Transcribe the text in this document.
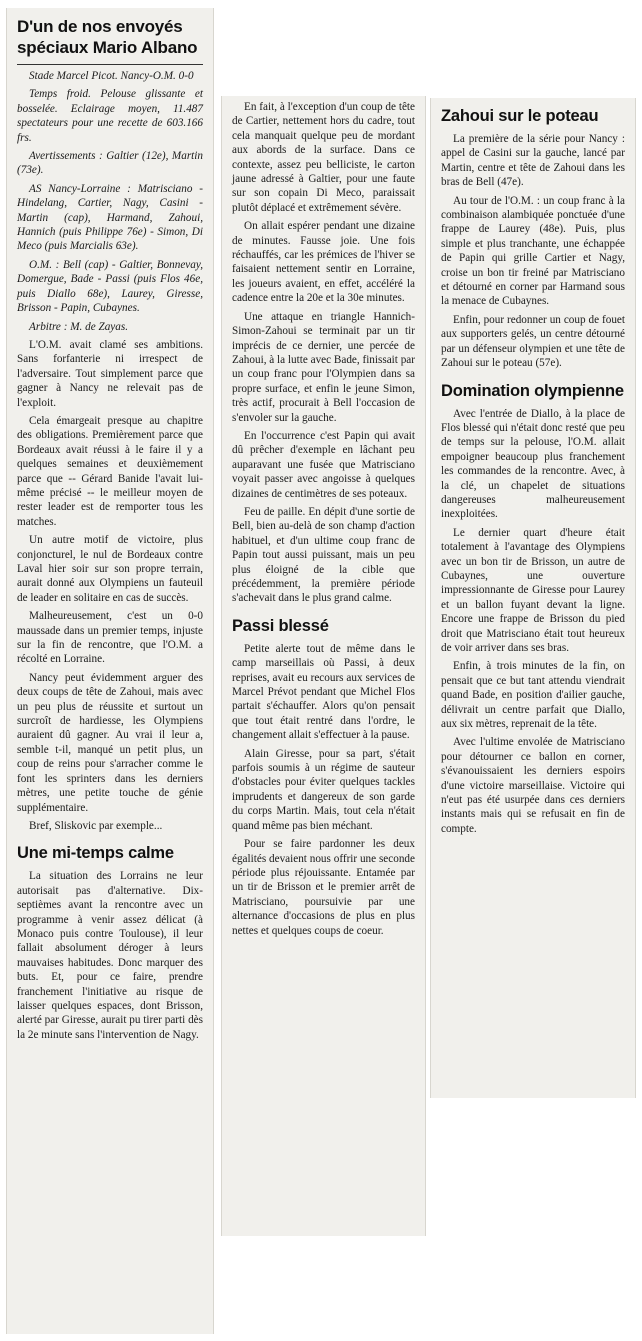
D'un de nos envoyés spéciaux Mario Albano

Stade Marcel Picot. Nancy-O.M. 0-0

Temps froid. Pelouse glissante et bosselée. Eclairage moyen, 11.487 spectateurs pour une recette de 603.166 frs.

Avertissements : Galtier (12e), Martin (73e).

AS Nancy-Lorraine : Matrisciano - Hindelang, Cartier, Nagy, Casini - Martin (cap), Harmand, Zahoui, Hannich (puis Philippe 76e) - Simon, Di Meco (puis Marcialis 63e).

O.M. : Bell (cap) - Galtier, Bonnevay, Domergue, Bade - Passi (puis Flos 46e, puis Diallo 68e), Laurey, Giresse, Brisson - Papin, Cubaynes.

Arbitre : M. de Zayas.

L'O.M. avait clamé ses ambitions. Sans forfanterie ni irrespect de l'adversaire. Tout simplement parce que gagner à Nancy ne relevait pas de l'exploit.

Cela émargeait presque au chapitre des obligations. Premièrement parce que Bordeaux avait réussi à le faire il y a quelques semaines et deuxièmement parce que -- Gérard Banide l'avait lui-même précisé -- le meilleur moyen de rester leader est de remporter tous les matches.

Un autre motif de victoire, plus conjoncturel, le nul de Bordeaux contre Laval hier soir sur son propre terrain, aurait donné aux Olympiens un fauteuil de leader en solitaire en cas de succès.

Malheureusement, c'est un 0-0 maussade dans un premier temps, injuste sur la fin de rencontre, que l'O.M. a récolté en Lorraine.

Nancy peut évidemment arguer des deux coups de tête de Zahoui, mais avec un peu plus de réussite et surtout un surcroît de hardiesse, les Olympiens auraient dû gagner. Au vrai il leur a, semble t-il, manqué un petit plus, un coup de reins pour s'arracher comme le font les sprinters dans les derniers mètres, une petite touche de génie supplémentaire.

Bref, Sliskovic par exemple...

Une mi-temps calme

La situation des Lorrains ne leur autorisait pas d'alternative. Dix-septièmes avant la rencontre avec un programme à venir assez délicat (à Monaco puis contre Toulouse), il leur fallait absolument déroger à leurs mauvaises habitudes. Donc marquer des buts. Et, pour ce faire, prendre franchement l'initiative au risque de laisser quelques espaces, dont Brisson, alerté par Giresse, aurait pu tirer parti dès la 2e minute sans l'intervention de Nagy.

En fait, à l'exception d'un coup de tête de Cartier, nettement hors du cadre, tout cela manquait quelque peu de mordant aux abords de la surface. Dans ce contexte, assez peu belliciste, le carton jaune adressé à Galtier, pour une faute sur son copain Di Meco, paraissait plutôt déplacé et extrêmement sévère.

On allait espérer pendant une dizaine de minutes. Fausse joie. Une fois réchauffés, car les prémices de l'hiver se faisaient nettement sentir en Lorraine, les joueurs avaient, en effet, accéléré la cadence entre la 20e et la 30e minutes.

Une attaque en triangle Hannich-Simon-Zahoui se terminait par un tir imprécis de ce dernier, une percée de Zahoui, à la lutte avec Bade, finissait par un coup franc pour l'Olympien dans sa propre surface, et enfin le jeune Simon, très actif, procurait à Bell l'occasion de s'envoler sur la gauche.

En l'occurrence c'est Papin qui avait dû prêcher d'exemple en lâchant peu auparavant une fusée que Matrisciano voyait passer avec angoisse à quelques dizaines de centimètres de ses poteaux.

Feu de paille. En dépit d'une sortie de Bell, bien au-delà de son champ d'action habituel, et d'un ultime coup franc de Papin tout aussi puissant, mais un peu plus éloigné de la cible que précédemment, la première période s'achevait dans le plus grand calme.

Passi blessé

Petite alerte tout de même dans le camp marseillais où Passi, à deux reprises, avait eu recours aux services de Marcel Prévot pendant que Michel Flos partait s'échauffer. Alors qu'on pensait que tout était rentré dans l'ordre, le changement allait s'effectuer à la pause.

Alain Giresse, pour sa part, s'était parfois soumis à un régime de sauteur d'obstacles pour éviter quelques tackles imprudents et dangereux de son garde du corps Martin. Mais, tout cela n'était quand même pas bien méchant.

Pour se faire pardonner les deux égalités devaient nous offrir une seconde période plus réjouissante. Entamée par un tir de Brisson et le premier arrêt de Matrisciano, poursuivie par une alternance d'occasions de plus en plus nettes et quelques coups de coeur.

Zahoui sur le poteau

La première de la série pour Nancy : appel de Casini sur la gauche, lancé par Martin, centre et tête de Zahoui dans les bras de Bell (47e).

Au tour de l'O.M. : un coup franc à la combinaison alambiquée ponctuée d'une frappe de Laurey (48e). Puis, plus simple et plus tranchante, une échappée de Papin qui grille Cartier et Nagy, croise un bon tir freiné par Matrisciano et détourné en corner par Harmand sous la menace de Cubaynes.

Enfin, pour redonner un coup de fouet aux supporters gelés, un centre détourné par un défenseur olympien et une tête de Zahoui sur le poteau (57e).

Domination olympienne

Avec l'entrée de Diallo, à la place de Flos blessé qui n'était donc resté que peu de temps sur la pelouse, l'O.M. allait empoigner beaucoup plus franchement les commandes de la rencontre. Avec, à la clé, un chapelet de situations dangereuses malheureusement inexploitées.

Le dernier quart d'heure était totalement à l'avantage des Olympiens avec un bon tir de Brisson, un autre de Cubaynes, une ouverture impressionnante de Giresse pour Laurey et un ballon fuyant devant la ligne. Encore une frappe de Brisson du pied droit que Matrisciano était tout heureux de voir arriver dans ses bras.

Enfin, à trois minutes de la fin, on pensait que ce but tant attendu viendrait quand Bade, en position d'ailier gauche, délivrait un centre parfait que Diallo, aux six mètres, reprenait de la tête.

Avec l'ultime envolée de Matrisciano pour détourner ce ballon en corner, s'évanouissaient les derniers espoirs d'une victoire marseillaise. Victoire qui n'eut pas été usurpée dans ces derniers instants mais qui se refusait en fin de compte.
